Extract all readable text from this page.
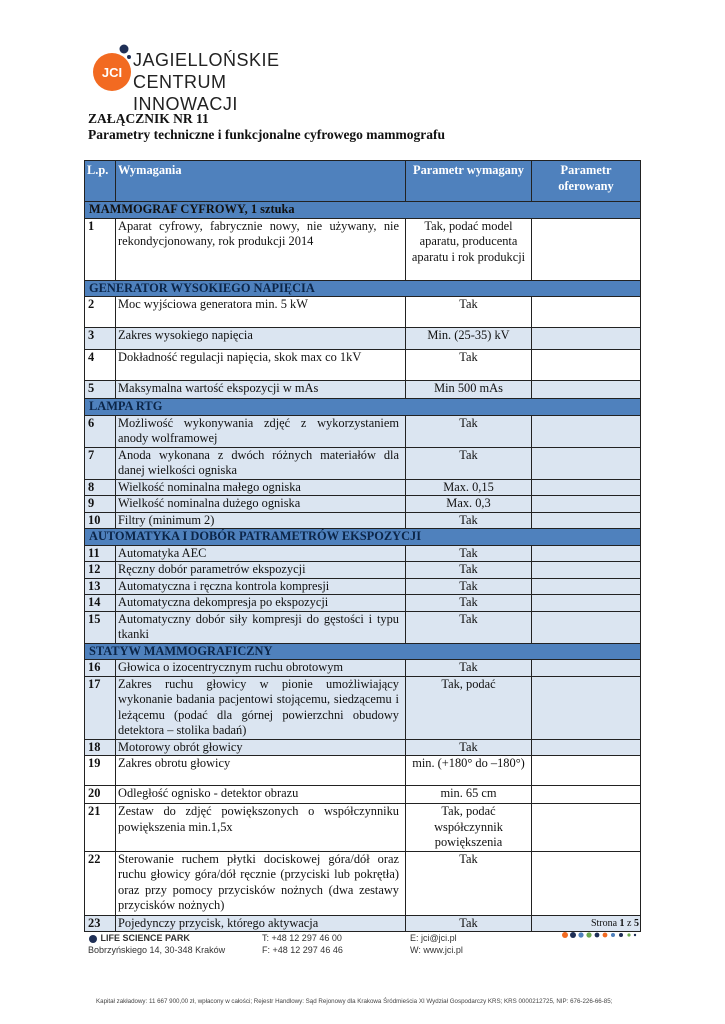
JCI
JAGIELLOŃSKIE
CENTRUM INNOWACJI
ZAŁĄCZNIK NR 11
Parametry techniczne i funkcjonalne cyfrowego mammografu
L.p.	Wymagania	Parametr wymagany	Parametr oferowany
MAMMOGRAF CYFROWY, 1 sztuka			
1	Aparat cyfrowy, fabrycznie nowy, nie używany, nie rekondycjonowany, rok produkcji 2014	Tak, podać model aparatu, producenta aparatu i rok produkcji	
GENERATOR WYSOKIEGO NAPIĘCIA			
2	Moc wyjściowa generatora min. 5 kW	Tak	
3	Zakres wysokiego napięcia	Min. (25-35) kV	
4	Dokładność regulacji napięcia, skok max co 1kV	Tak	
5	Maksymalna wartość ekspozycji w mAs	Min 500 mAs	
LAMPA RTG			
6	Możliwość wykonywania zdjęć z wykorzystaniem anody wolframowej	Tak	
7	Anoda wykonana z dwóch różnych materiałów dla danej wielkości ogniska	Tak	
8	Wielkość nominalna małego ogniska	Max. 0,15	
9	Wielkość nominalna dużego ogniska	Max. 0,3	
10	Filtry (minimum 2)	Tak	
AUTOMATYKA I DOBÓR PATRAMETRÓW EKSPOZYCJI			
11	Automatyka AEC	Tak	
12	Ręczny dobór parametrów ekspozycji	Tak	
13	Automatyczna i ręczna kontrola kompresji	Tak	
14	Automatyczna dekompresja po ekspozycji	Tak	
15	Automatyczny dobór siły kompresji do gęstości i typu tkanki	Tak	
STATYW MAMMOGRAFICZNY			
16	Głowica o izocentrycznym ruchu obrotowym	Tak	
17	Zakres ruchu głowicy w pionie umożliwiający wykonanie badania pacjentowi stojącemu, siedzącemu i leżącemu (podać dla górnej powierzchni obudowy detektora – stolika badań)	Tak, podać	
18	Motorowy obrót głowicy	Tak	
19	Zakres obrotu głowicy	min. (+180° do –180°)	
20	Odległość ognisko - detektor obrazu	min. 65 cm	
21	Zestaw do zdjęć powiększonych o współczynniku powiększenia min.1,5x	Tak, podać współczynnik powiększenia	
22	Sterowanie ruchem płytki dociskowej góra/dół oraz ruchu głowicy góra/dół ręcznie (przyciski lub pokrętła) oraz przy pomocy przycisków nożnych (dwa zestawy przycisków nożnych)	Tak	
23	Pojedynczy przycisk, którego aktywacja	Tak		Strona 1 z 5
LIFE SCIENCE PARK
Bobrzyńskiego 14, 30-348 Kraków
T: +48 12 297 46 00
F: +48 12 297 46 46
E: jci@jci.pl
W: www.jci.pl
Kapitał zakładowy: 11 667 900,00 zł, wpłacony w całości; Rejestr Handlowy: Sąd Rejonowy dla Krakowa Śródmieścia XI Wydział Gospodarczy KRS; KRS 0000212725, NIP: 676-226-66-85;
